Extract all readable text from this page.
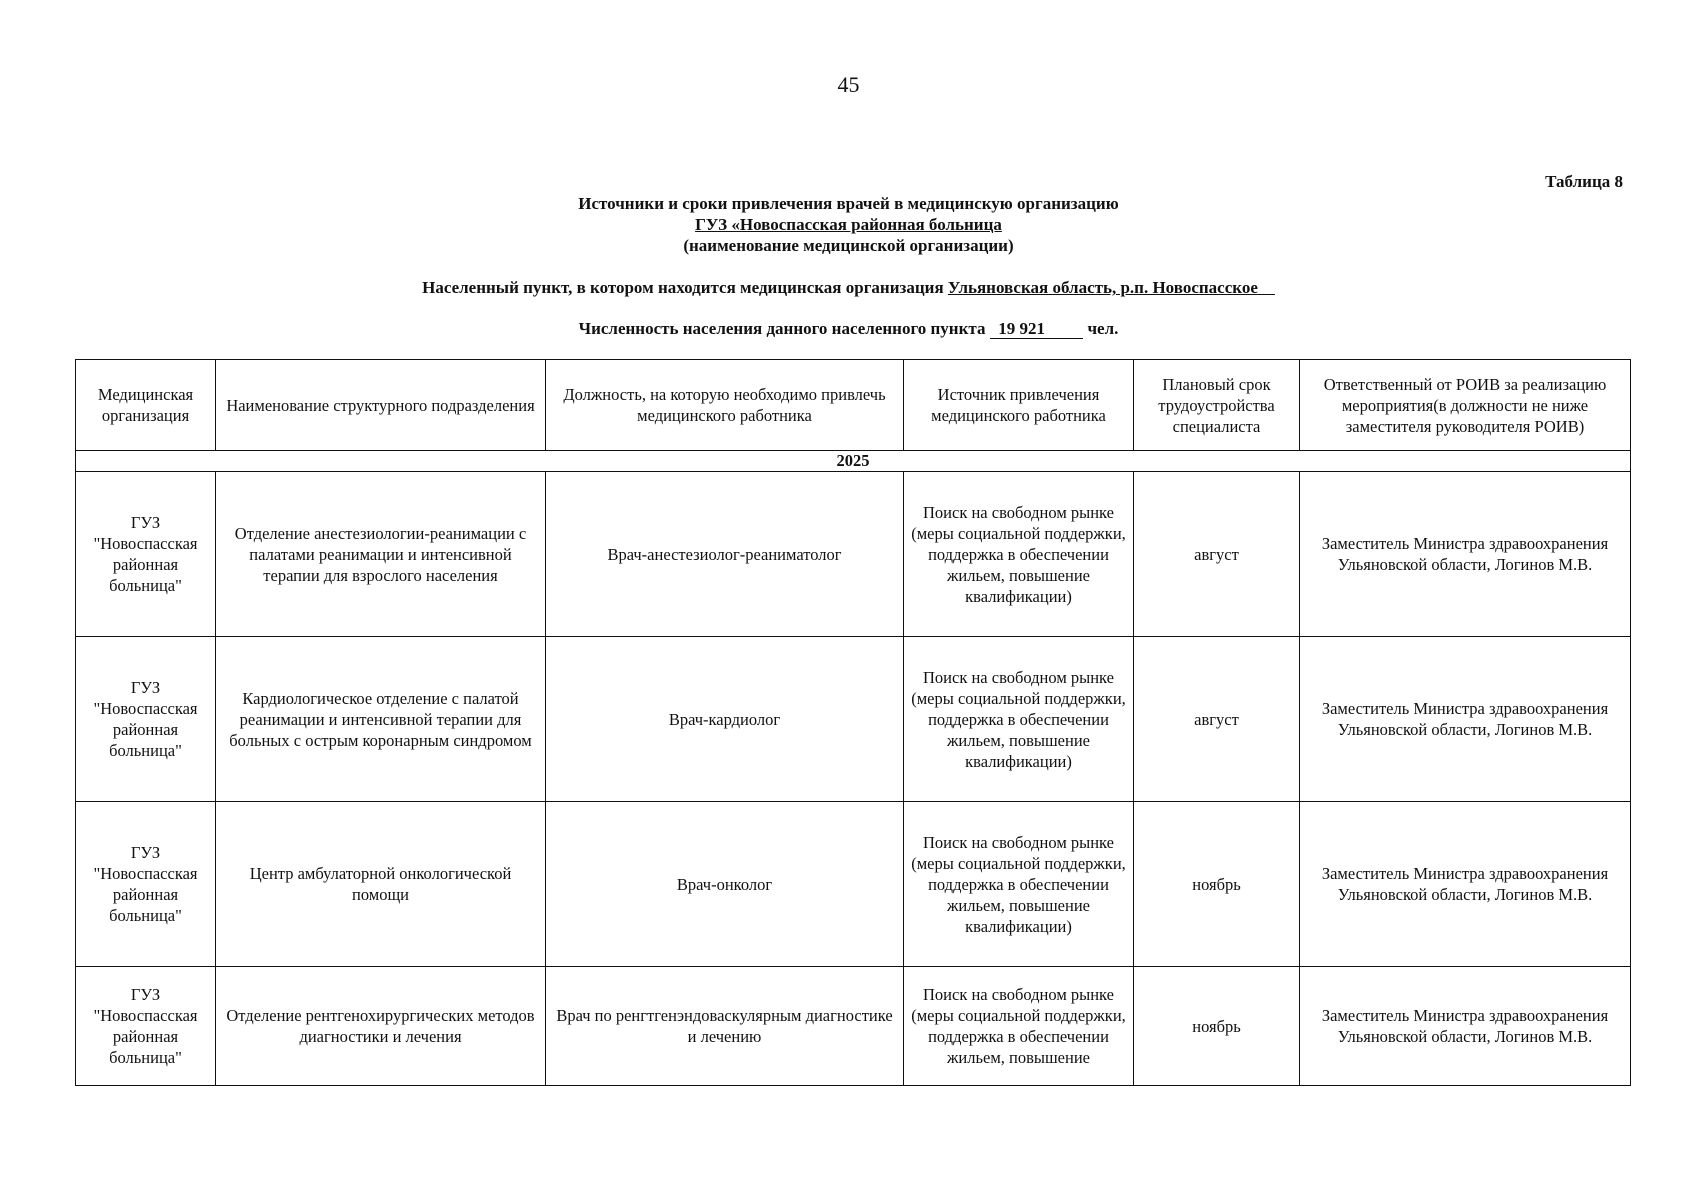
45
Таблица 8
Источники и сроки привлечения врачей в медицинскую организацию
ГУЗ «Новоспасская районная больница
(наименование медицинской организации)
Населенный пункт, в котором находится медицинская организация Ульяновская область, р.п. Новоспасское
Численность населения данного населенного пункта 19 921	чел.
Медицинская организация	Наименование структурного подразделения	Должность, на которую необходимо привлечь медицинского работника	Источник привлечения медицинского работника	Плановый срок трудоустройства специалиста	Ответственный от РОИВ за реализацию мероприятия(в должности не ниже заместителя руководителя РОИВ)
2025					
ГУЗ "Новоспасская районная больница"	Отделение анестезиологии-реанимации с палатами реанимации и интенсивной терапии для взрослого населения	Врач-анестезиолог-реаниматолог	Поиск на свободном рынке (меры социальной поддержки, поддержка в обеспечении жильем, повышение квалификации)	август	Заместитель Министра здравоохранения Ульяновской области, Логинов М.В.
ГУЗ "Новоспасская районная больница"	Кардиологическое отделение с палатой реанимации и интенсивной терапии для больных с острым коронарным синдромом	Врач-кардиолог	Поиск на свободном рынке (меры социальной поддержки, поддержка в обеспечении жильем, повышение квалификации)	август	Заместитель Министра здравоохранения Ульяновской области, Логинов М.В.
ГУЗ "Новоспасская районная больница"	Центр амбулаторной онкологической помощи	Врач-онколог	Поиск на свободном рынке (меры социальной поддержки, поддержка в обеспечении жильем, повышение квалификации)	ноябрь	Заместитель Министра здравоохранения Ульяновской области, Логинов М.В.
ГУЗ "Новоспасская районная больница"	Отделение рентгенохирургических методов диагностики и лечения	Врач по ренгтгенэндоваскулярным диагностике и лечению	Поиск на свободном рынке (меры социальной поддержки, поддержка в обеспечении жильем, повышение	ноябрь	Заместитель Министра здравоохранения Ульяновской области, Логинов М.В.
